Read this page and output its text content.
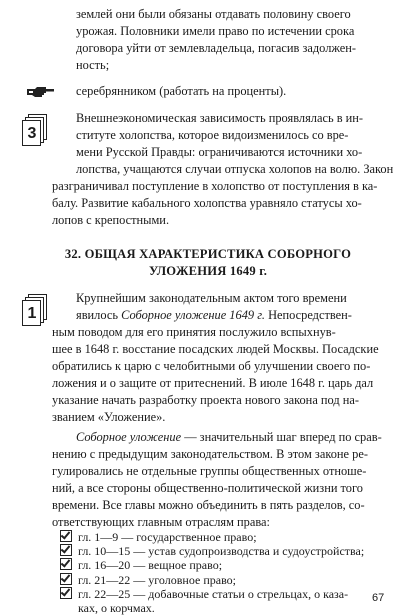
землей они были обязаны отдавать половину своего
урожая. Половники имели право по истечении срока
договора уйти от землевладельца, погасив задолжен-
ность;
серебрянником (работать на проценты).
3
Внешнеэкономическая зависимость проявлялась в ин-
ституте холопства, которое видоизменилось со вре-
мени Русской Правды: ограничиваются источники хо-
лопства, учащаются случаи отпуска холопов на волю. Закон
разграничивал поступление в холопство от поступления в ка-
балу. Развитие кабального холопства уравняло статусы хо-
лопов с крепостными.
32. ОБЩАЯ ХАРАКТЕРИСТИКА СОБОРНОГО
УЛОЖЕНИЯ 1649 г.
1
Крупнейшим законодательным актом того времени
явилось Соборное уложение 1649 г. Непосредствен-
ным поводом для его принятия послужило вспыхнув-
шее в 1648 г. восстание посадских людей Москвы. Посадские
обратились к царю с челобитными об улучшении своего по-
ложения и о защите от притеснений. В июле 1648 г. царь дал
указание начать разработку проекта нового закона под на-
званием «Уложение».
Соборное уложение — значительный шаг вперед по срав-
нению с предыдущим законодательством. В этом законе ре-
гулировались не отдельные группы общественных отноше-
ний, а все стороны общественно-политической жизни того
времени. Все главы можно объединить в пять разделов, со-
ответствующих главным отраслям права:
67
гл. 1—9 — государственное право;
гл. 10—15 — устав судопроизводства и судоустройства;
гл. 16—20 — вещное право;
гл. 21—22 — уголовное право;
гл. 22—25 — добавочные статьи о стрельцах, о каза-
ках, о корчмах.
